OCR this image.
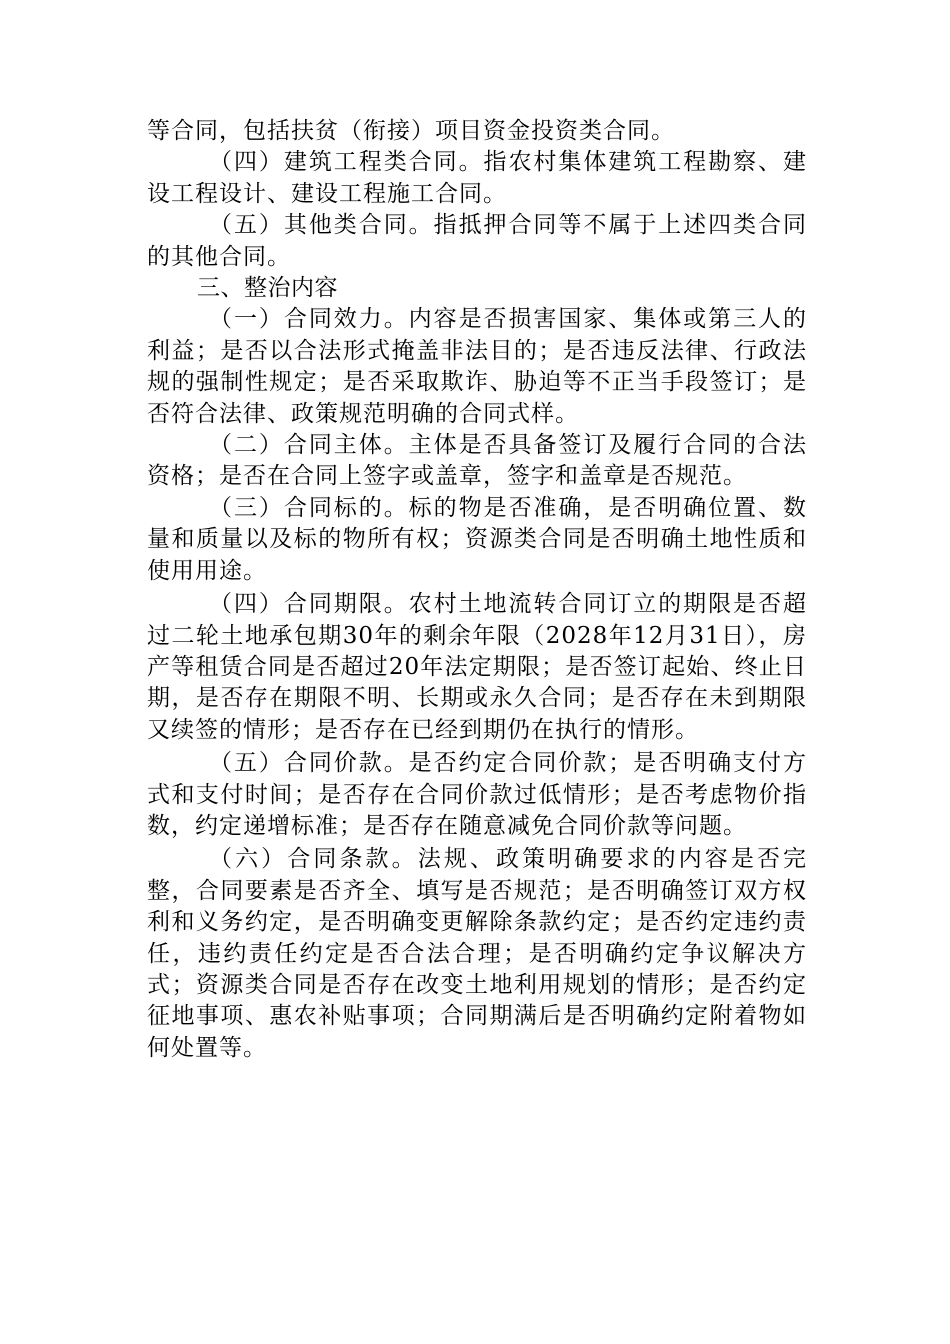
等合同，包括扶贫（衔接）项目资金投资类合同。

（四）建筑工程类合同。指农村集体建筑工程勘察、建设工程设计、建设工程施工合同。

（五）其他类合同。指抵押合同等不属于上述四类合同的其他合同。

三、整治内容

（一）合同效力。内容是否损害国家、集体或第三人的利益；是否以合法形式掩盖非法目的；是否违反法律、行政法规的强制性规定；是否采取欺诈、胁迫等不正当手段签订；是否符合法律、政策规范明确的合同式样。

（二）合同主体。主体是否具备签订及履行合同的合法资格；是否在合同上签字或盖章，签字和盖章是否规范。

（三）合同标的。标的物是否准确，是否明确位置、数量和质量以及标的物所有权；资源类合同是否明确土地性质和使用用途。

（四）合同期限。农村土地流转合同订立的期限是否超过二轮土地承包期30年的剩余年限（2028年12月31日），房产等租赁合同是否超过20年法定期限；是否签订起始、终止日期，是否存在期限不明、长期或永久合同；是否存在未到期限又续签的情形；是否存在已经到期仍在执行的情形。

（五）合同价款。是否约定合同价款；是否明确支付方式和支付时间；是否存在合同价款过低情形；是否考虑物价指数，约定递增标准；是否存在随意减免合同价款等问题。

（六）合同条款。法规、政策明确要求的内容是否完整，合同要素是否齐全、填写是否规范；是否明确签订双方权利和义务约定，是否明确变更解除条款约定；是否约定违约责任，违约责任约定是否合法合理；是否明确约定争议解决方式；资源类合同是否存在改变土地利用规划的情形；是否约定征地事项、惠农补贴事项；合同期满后是否明确约定附着物如何处置等。
